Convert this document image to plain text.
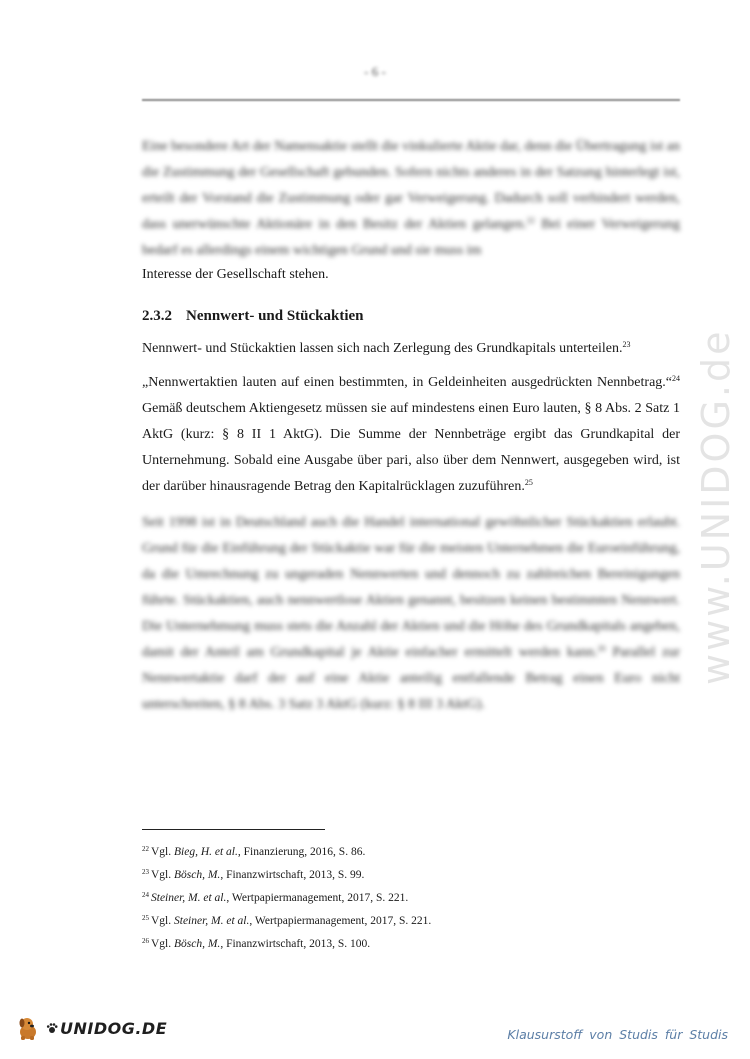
- 6 -

Eine besondere Art der Namensaktie stellt die vinkulierte Aktie dar, denn die Übertragung ist an die Zustimmung der Gesellschaft gebunden. Sofern nichts anderes in der Satzung hinterlegt ist, erteilt der Vorstand die Zustimmung oder gar Verweigerung. Dadurch soll verhindert werden, dass unerwünschte Aktionäre in den Besitz der Aktien gelangen.$^{22}$ Bei einer Verweigerung bedarf es allerdings einem wichtigen Grund und sie muss im

Interesse der Gesellschaft stehen.

2.3.2 Nennwert- und Stückaktien

Nennwert- und Stückaktien lassen sich nach Zerlegung des Grundkapitals unterteilen.$^{23}$

„Nennwertaktien lauten auf einen bestimmten, in Geldeinheiten ausgedrückten Nennbetrag.“$^{24}$ Gemäß deutschem Aktiengesetz müssen sie auf mindestens einen Euro lauten, § 8 Abs. 2 Satz 1 AktG (kurz: § 8 II 1 AktG). Die Summe der Nennbeträge ergibt das Grundkapital der Unternehmung. Sobald eine Ausgabe über pari, also über dem Nennwert, ausgegeben wird, ist der darüber hinausragende Betrag den Kapitalrücklagen zuzuführen.$^{25}$

Seit 1998 ist in Deutschland auch die Handel international gewöhnlicher Stückaktien erlaubt. Grund für die Einführung der Stückaktie war für die meisten Unternehmen die Euroeinführung, da die Umrechnung zu ungeraden Nennwerten und dennoch zu zahlreichen Bereinigungen führte. Stückaktien, auch nennwertlose Aktien genannt, besitzen keinen bestimmten Nennwert. Die Unternehmung muss stets die Anzahl der Aktien und die Höhe des Grundkapitals angeben, damit der Anteil am Grundkapital je Aktie einfacher ermittelt werden kann.$^{26}$ Parallel zur Nennwertaktie darf der auf eine Aktie anteilig entfallende Betrag einen Euro nicht unterschreiten, § 8 Abs. 3 Satz 3 AktG (kurz: § 8 III 3 AktG).

$^{22}$ Vgl. Bieg, H. et al., Finanzierung, 2016, S. 86.
$^{23}$ Vgl. Bösch, M., Finanzwirtschaft, 2013, S. 99.
$^{24}$ Steiner, M. et al., Wertpapiermanagement, 2017, S. 221.
$^{25}$ Vgl. Steiner, M. et al., Wertpapiermanagement, 2017, S. 221.
$^{26}$ Vgl. Bösch, M., Finanzwirtschaft, 2013, S. 100.
www.UNIDOG.de
UNIDOG.DE	Klausurstoff von Studis für Studis
